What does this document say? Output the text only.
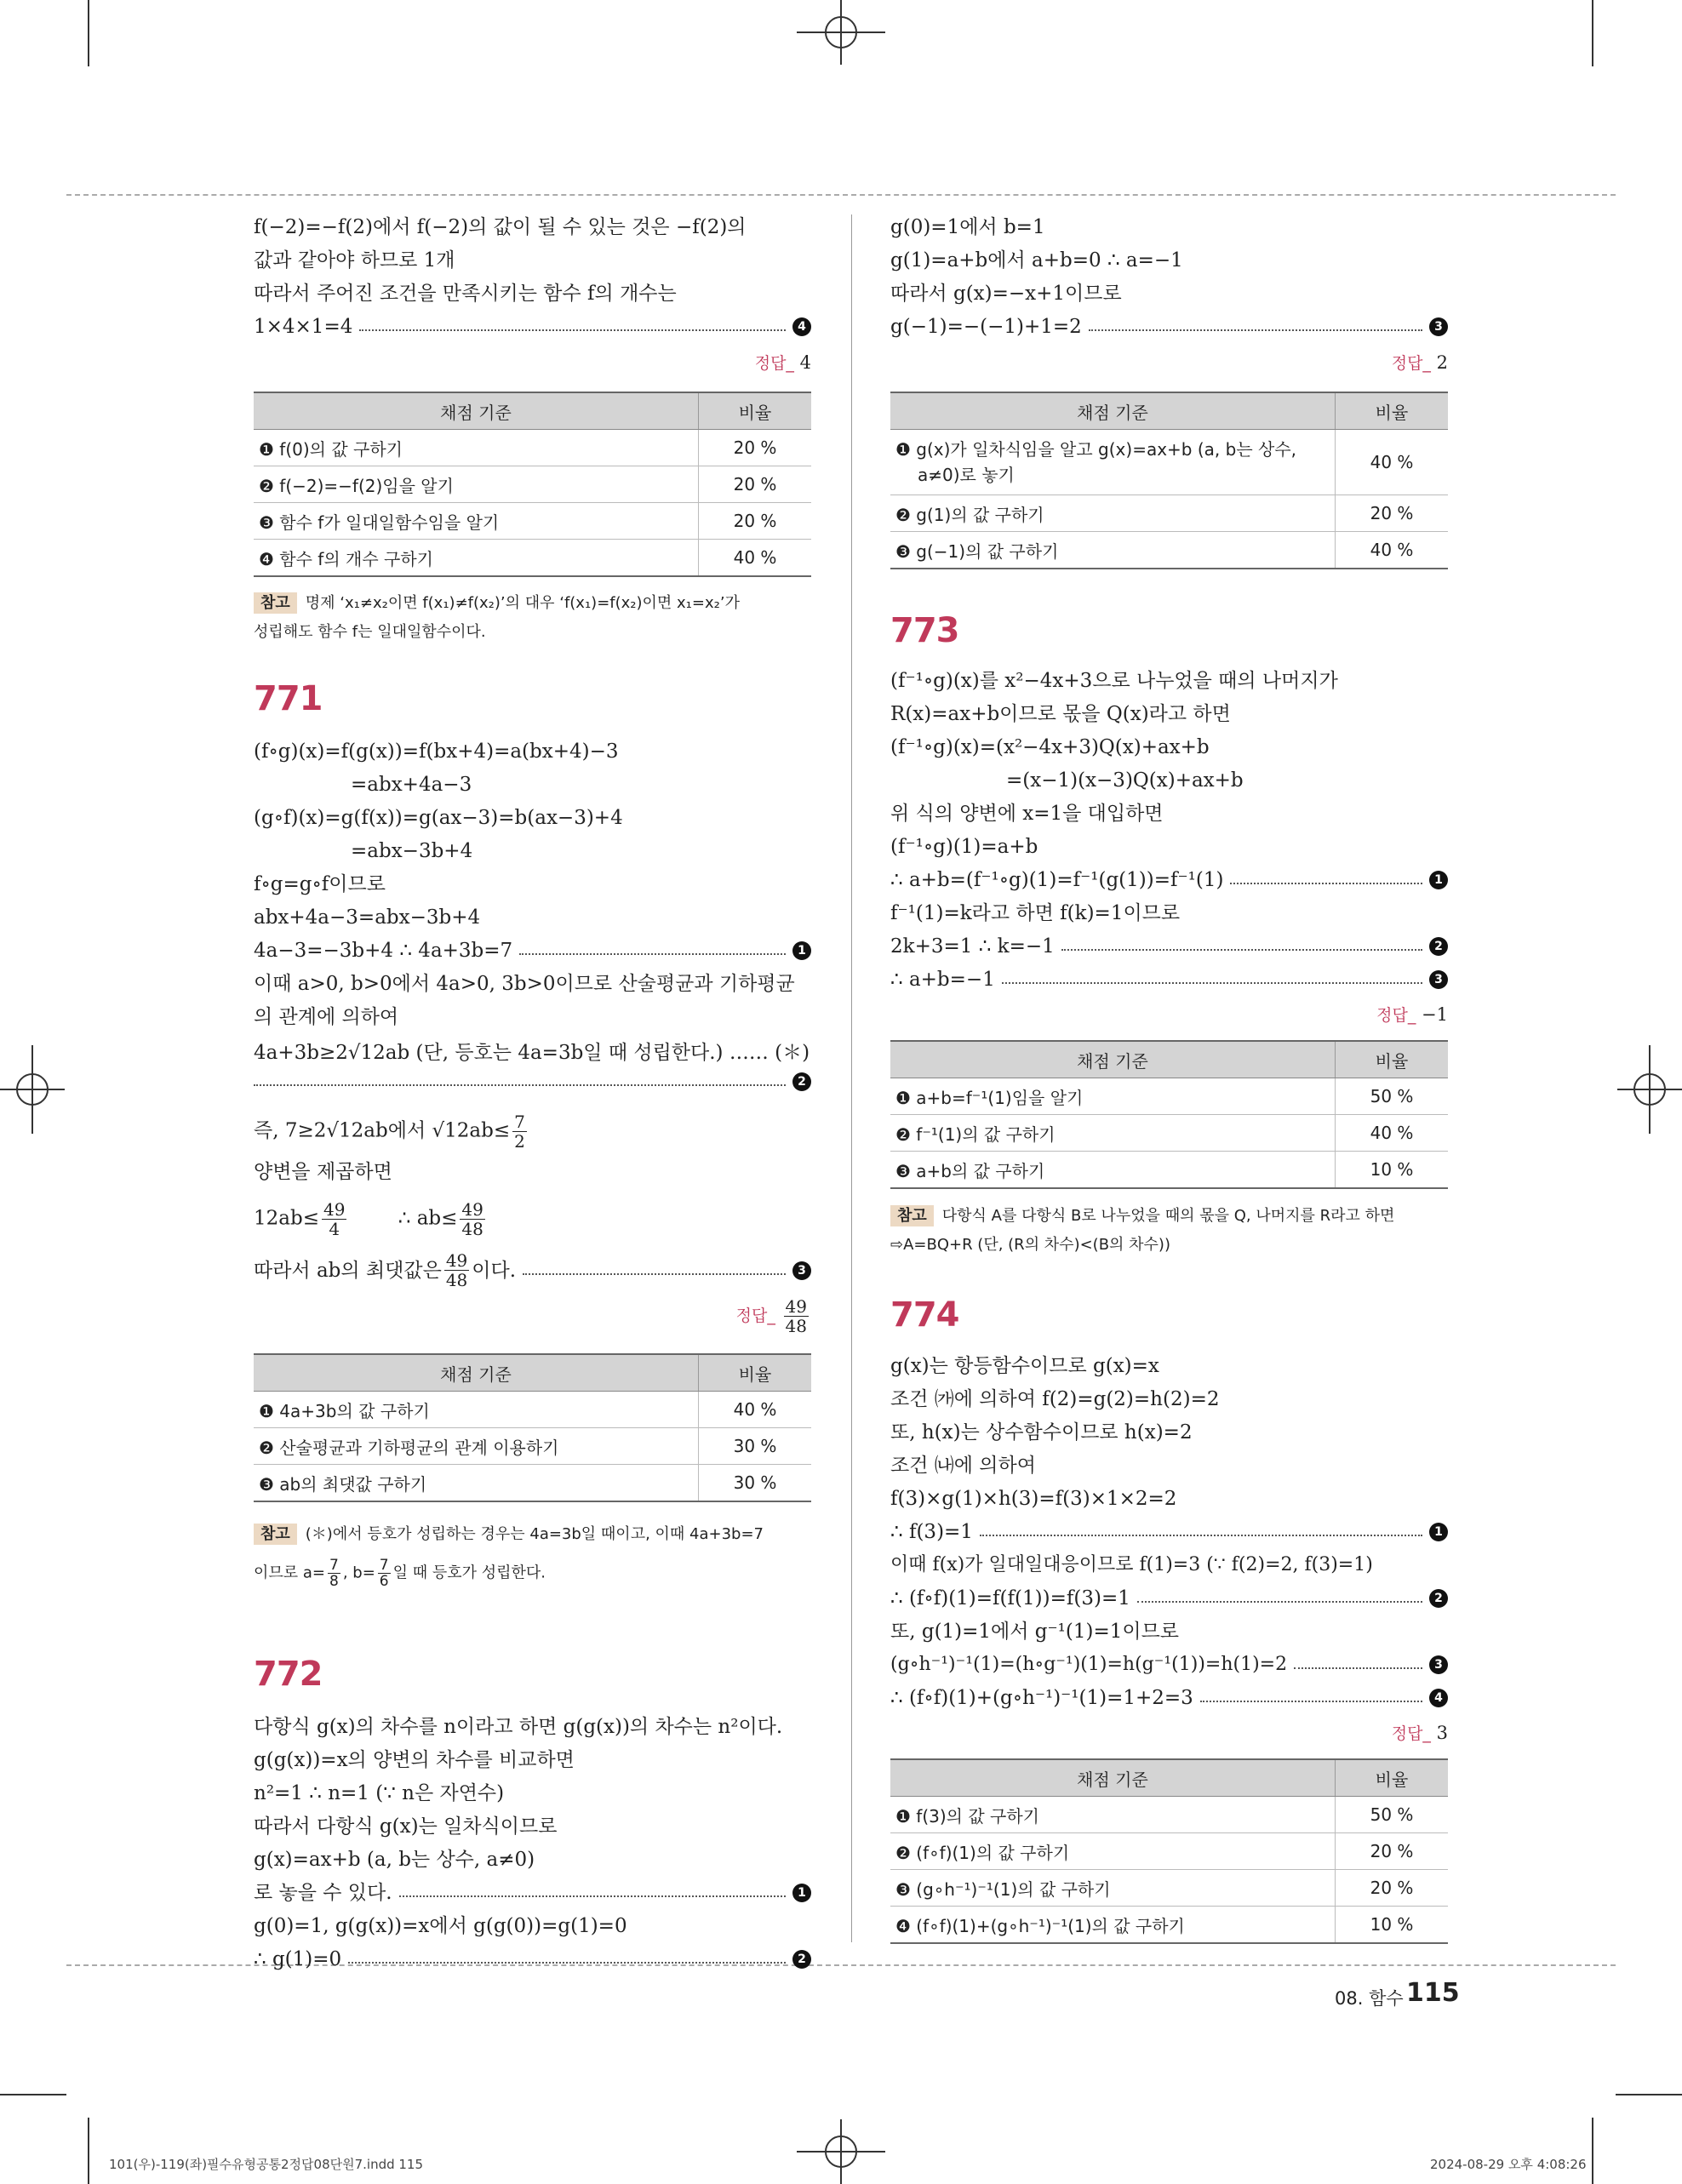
f(−2)=−f(2)에서 f(−2)의 값이 될 수 있는 것은 −f(2)의
값과 같아야 하므로 1개
따라서 주어진 조건을 만족시키는 함수 f의 개수는
1×4×1=4	4
정답_ 4
채점 기준	비율
❶ f(0)의 값 구하기	20 %
❷ f(−2)=−f(2)임을 알기	20 %
❸ 함수 f가 일대일함수임을 알기	20 %
❹ 함수 f의 개수 구하기	40 %
참고 명제 ‘x₁≠x₂이면 f(x₁)≠f(x₂)’의 대우 ‘f(x₁)=f(x₂)이면 x₁=x₂’가
성립해도 함수 f는 일대일함수이다.
771
(f∘g)(x)=f(g(x))=f(bx+4)=a(bx+4)−3
=abx+4a−3
(g∘f)(x)=g(f(x))=g(ax−3)=b(ax−3)+4
=abx−3b+4
f∘g=g∘f이므로
abx+4a−3=abx−3b+4
4a−3=−3b+4 ∴ 4a+3b=7	1
이때 a>0, b>0에서 4a>0, 3b>0이므로 산술평균과 기하평균
의 관계에 의하여
4a+3b≥2√12ab (단, 등호는 4a=3b일 때 성립한다.) …… (＊)
2
즉, 7≥2√12ab에서 $√12ab\le \frac{7}{2}$
양변을 제곱하면
$12ab\le \frac{49}{4}$	∴ $ab\le \frac{49}{48}$
따라서 ab의 최댓값은 $\frac{49}{48}$ 이다.	3
정답_ $\frac{49}{48}$
채점 기준	비율
❶ 4a+3b의 값 구하기	40 %
❷ 산술평균과 기하평균의 관계 이용하기	30 %
❸ ab의 최댓값 구하기	30 %
참고 (＊)에서 등호가 성립하는 경우는 4a=3b일 때이고, 이때 4a+3b=7
이므로 $a= \frac{7}{8}$ , $b= \frac{7}{6}$ 일 때 등호가 성립한다.
772
다항식 g(x)의 차수를 n이라고 하면 g(g(x))의 차수는 n²이다.
g(g(x))=x의 양변의 차수를 비교하면
n²=1 ∴ n=1 (∵ n은 자연수)
따라서 다항식 g(x)는 일차식이므로
g(x)=ax+b (a, b는 상수, a≠0)
로 놓을 수 있다.	1
g(0)=1, g(g(x))=x에서 g(g(0))=g(1)=0
∴ g(1)=0	2
g(0)=1에서 b=1
g(1)=a+b에서 a+b=0 ∴ a=−1
따라서 g(x)=−x+1이므로
g(−1)=−(−1)+1=2	3
정답_ 2
채점 기준	비율

❶ g(x)가 일차식임을 알고 g(x)=ax+b (a, b는 상수,
a≠0)로 놓기	40 %
❷ g(1)의 값 구하기	20 %
❸ g(−1)의 값 구하기	40 %
773
(f⁻¹∘g)(x)를 x²−4x+3으로 나누었을 때의 나머지가
R(x)=ax+b이므로 몫을 Q(x)라고 하면
(f⁻¹∘g)(x)=(x²−4x+3)Q(x)+ax+b
=(x−1)(x−3)Q(x)+ax+b
위 식의 양변에 x=1을 대입하면
(f⁻¹∘g)(1)=a+b
∴ a+b=(f⁻¹∘g)(1)=f⁻¹(g(1))=f⁻¹(1)	1
f⁻¹(1)=k라고 하면 f(k)=1이므로
2k+3=1 ∴ k=−1	2
∴ a+b=−1	3
정답_ −1
채점 기준	비율
❶ a+b=f⁻¹(1)임을 알기	50 %
❷ f⁻¹(1)의 값 구하기	40 %
❸ a+b의 값 구하기	10 %
참고 다항식 A를 다항식 B로 나누었을 때의 몫을 Q, 나머지를 R라고 하면
⇨A=BQ+R (단, (R의 차수)<(B의 차수))
774
g(x)는 항등함수이므로 g(x)=x
조건 ㈎에 의하여 f(2)=g(2)=h(2)=2
또, h(x)는 상수함수이므로 h(x)=2
조건 ㈏에 의하여
f(3)×g(1)×h(3)=f(3)×1×2=2
∴ f(3)=1	1
이때 f(x)가 일대일대응이므로 f(1)=3 (∵ f(2)=2, f(3)=1)
∴ (f∘f)(1)=f(f(1))=f(3)=1	2
또, g(1)=1에서 g⁻¹(1)=1이므로
(g∘h⁻¹)⁻¹(1)=(h∘g⁻¹)(1)=h(g⁻¹(1))=h(1)=2	3
∴ (f∘f)(1)+(g∘h⁻¹)⁻¹(1)=1+2=3	4
정답_ 3
채점 기준	비율
❶ f(3)의 값 구하기	50 %
❷ (f∘f)(1)의 값 구하기	20 %
❸ (g∘h⁻¹)⁻¹(1)의 값 구하기	20 %
❹ (f∘f)(1)+(g∘h⁻¹)⁻¹(1)의 값 구하기	10 %
08. 함수 115
101(우)-119(좌)필수유형공통2정답08단원7.indd 115	2024-08-29 오후 4:08:26
